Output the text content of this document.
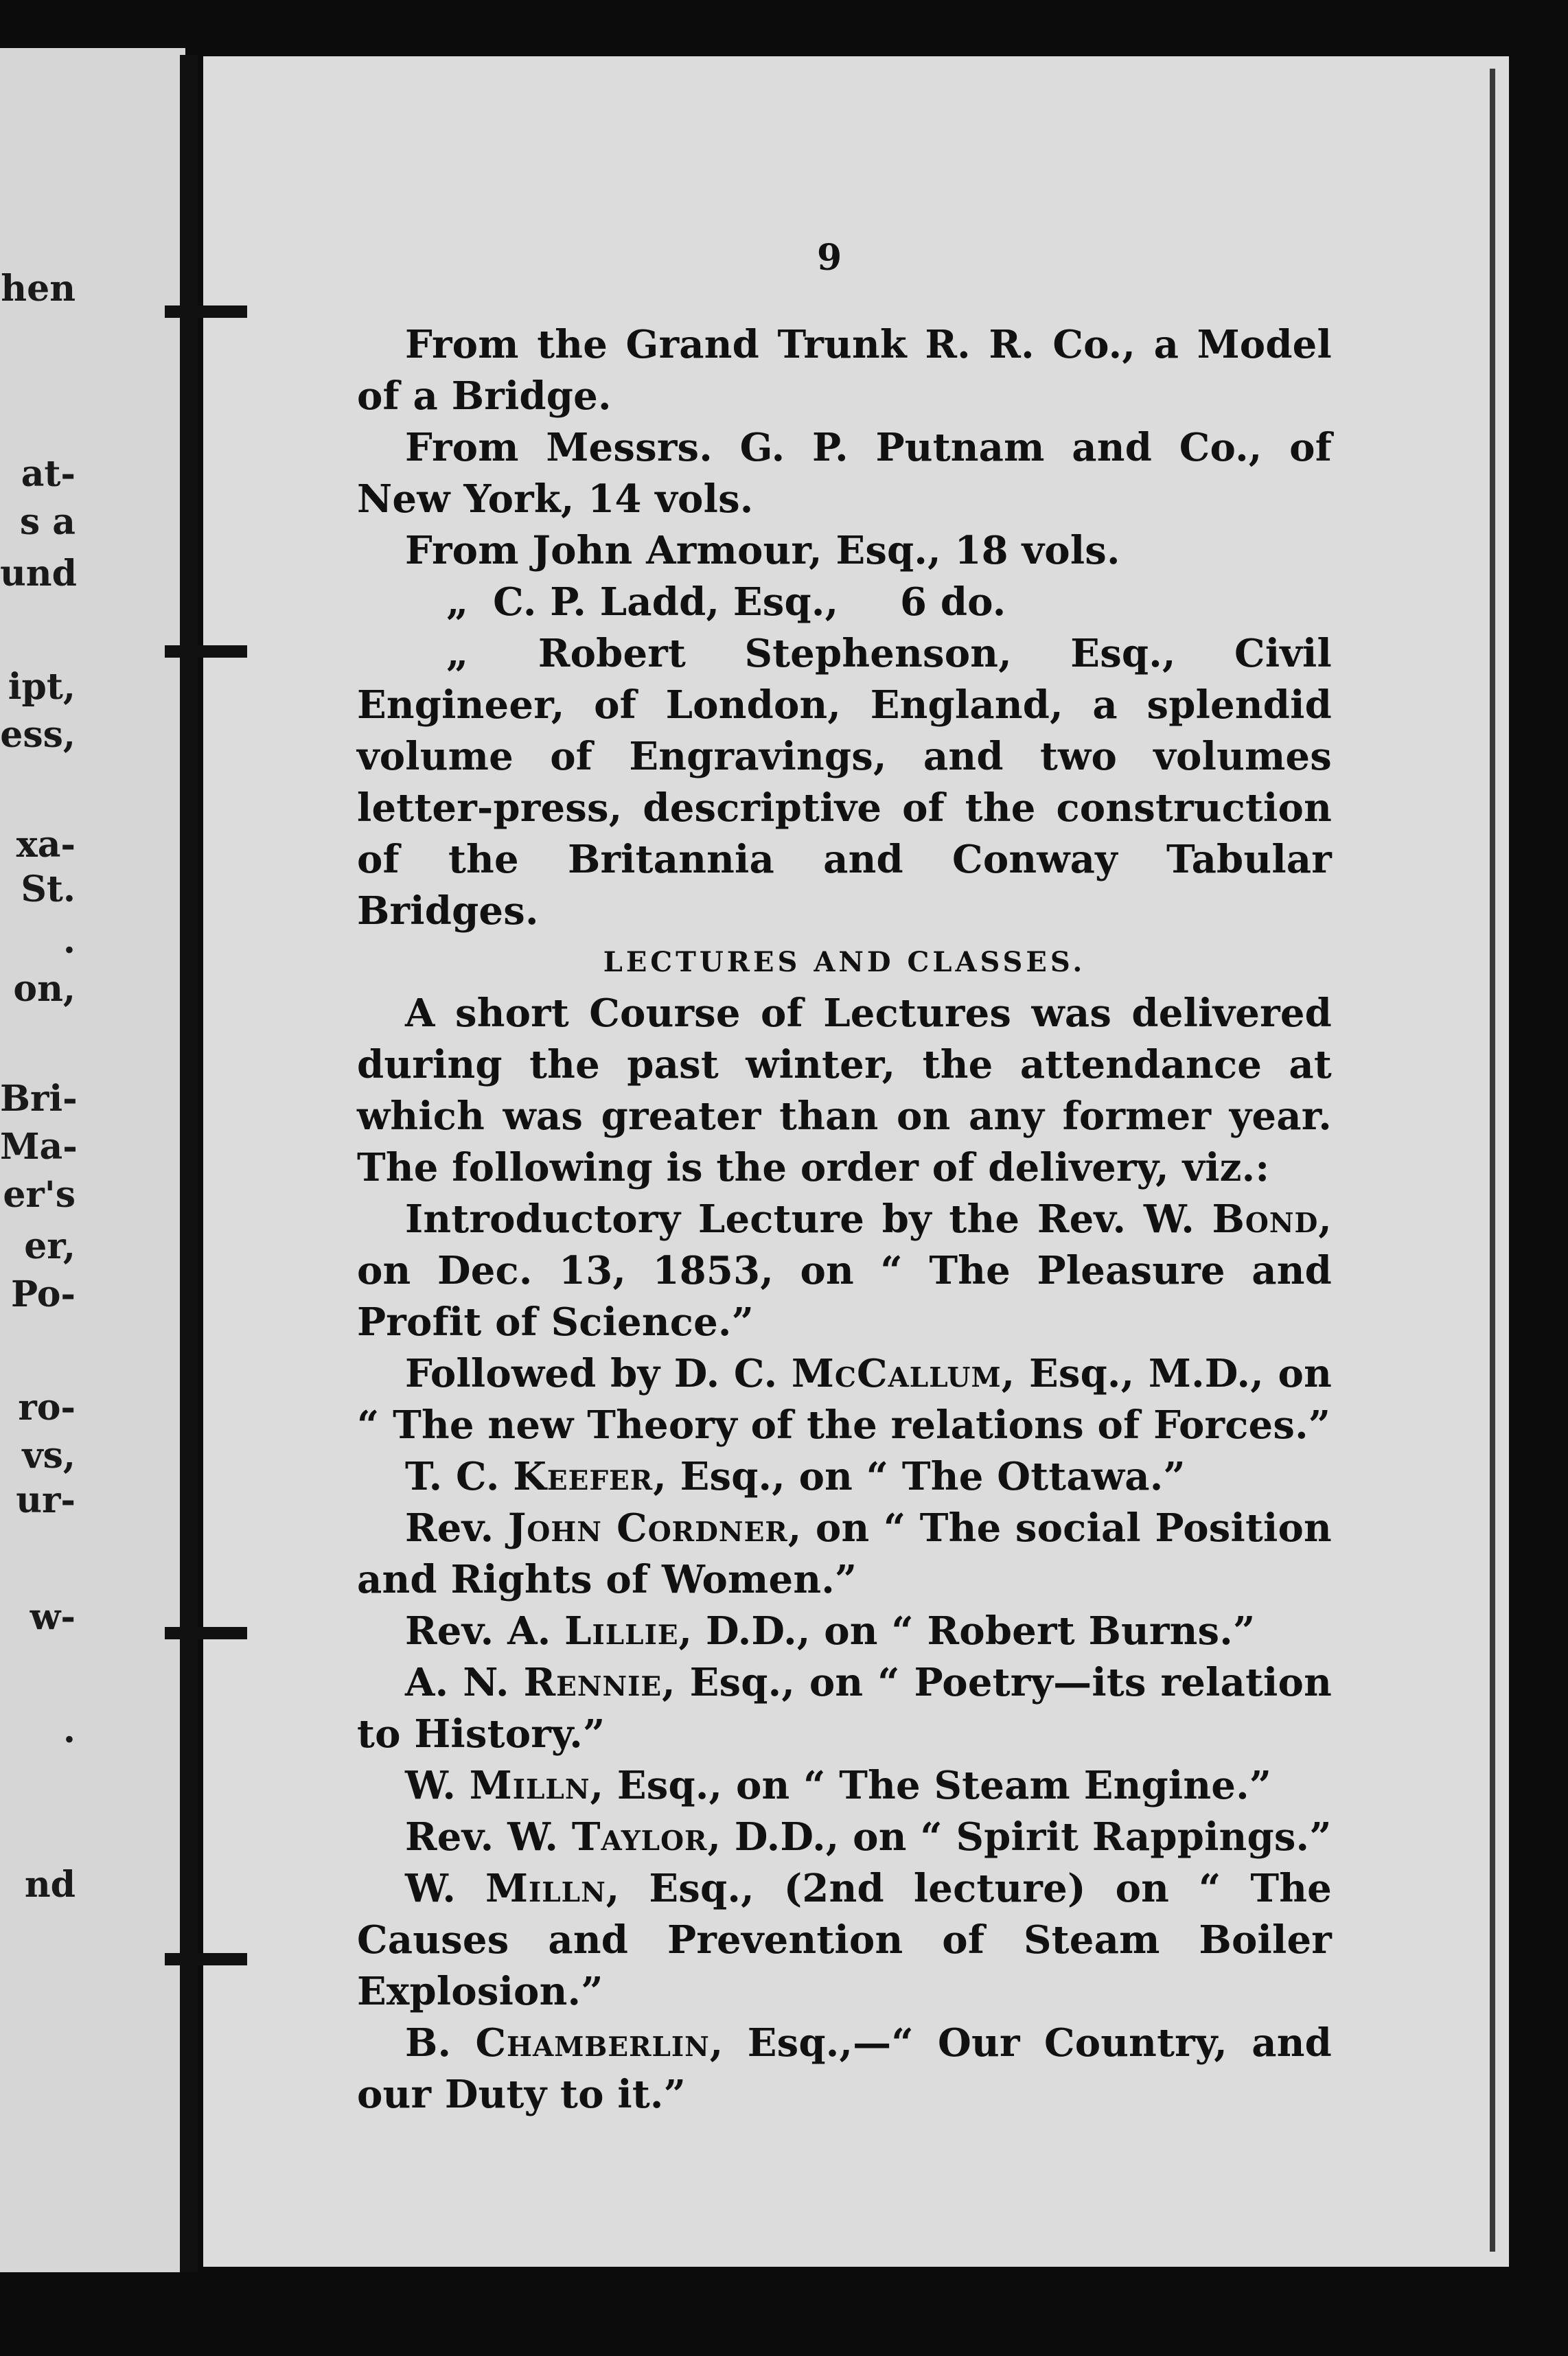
hen
at-
s a
und
ipt,
ess,
xa-
St.
.
on,
Bri-
Ma-
er's
er,
Po-
ro-
vs,
ur-
w-
.
nd
9

From the Grand Trunk R. R. Co., a Model of a Bridge.

From Messrs. G. P. Putnam and Co., of New York, 14 vols.

From John Armour, Esq., 18 vols.

„ C. P. Ladd, Esq., 6 do.

„ Robert Stephenson, Esq., Civil Engineer, of London, England, a splendid volume of Engravings, and two volumes letter-press, descriptive of the construction of the Britannia and Conway Tabular Bridges.

LECTURES AND CLASSES.

A short Course of Lectures was delivered during the past winter, the attendance at which was greater than on any former year. The following is the order of delivery, viz.:

Introductory Lecture by the Rev. W. Bond, on Dec. 13, 1853, on “ The Pleasure and Profit of Science.”

Followed by D. C. McCallum, Esq., M.D., on “ The new Theory of the relations of Forces.”

T. C. Keefer, Esq., on “ The Ottawa.”

Rev. John Cordner, on “ The social Position and Rights of Women.”

Rev. A. Lillie, D.D., on “ Robert Burns.”

A. N. Rennie, Esq., on “ Poetry—its relation to History.”

W. Milln, Esq., on “ The Steam Engine.”

Rev. W. Taylor, D.D., on “ Spirit Rappings.”

W. Milln, Esq., (2nd lecture) on “ The Causes and Prevention of Steam Boiler Explosion.”

B. Chamberlin, Esq.,—“ Our Country, and our Duty to it.”
